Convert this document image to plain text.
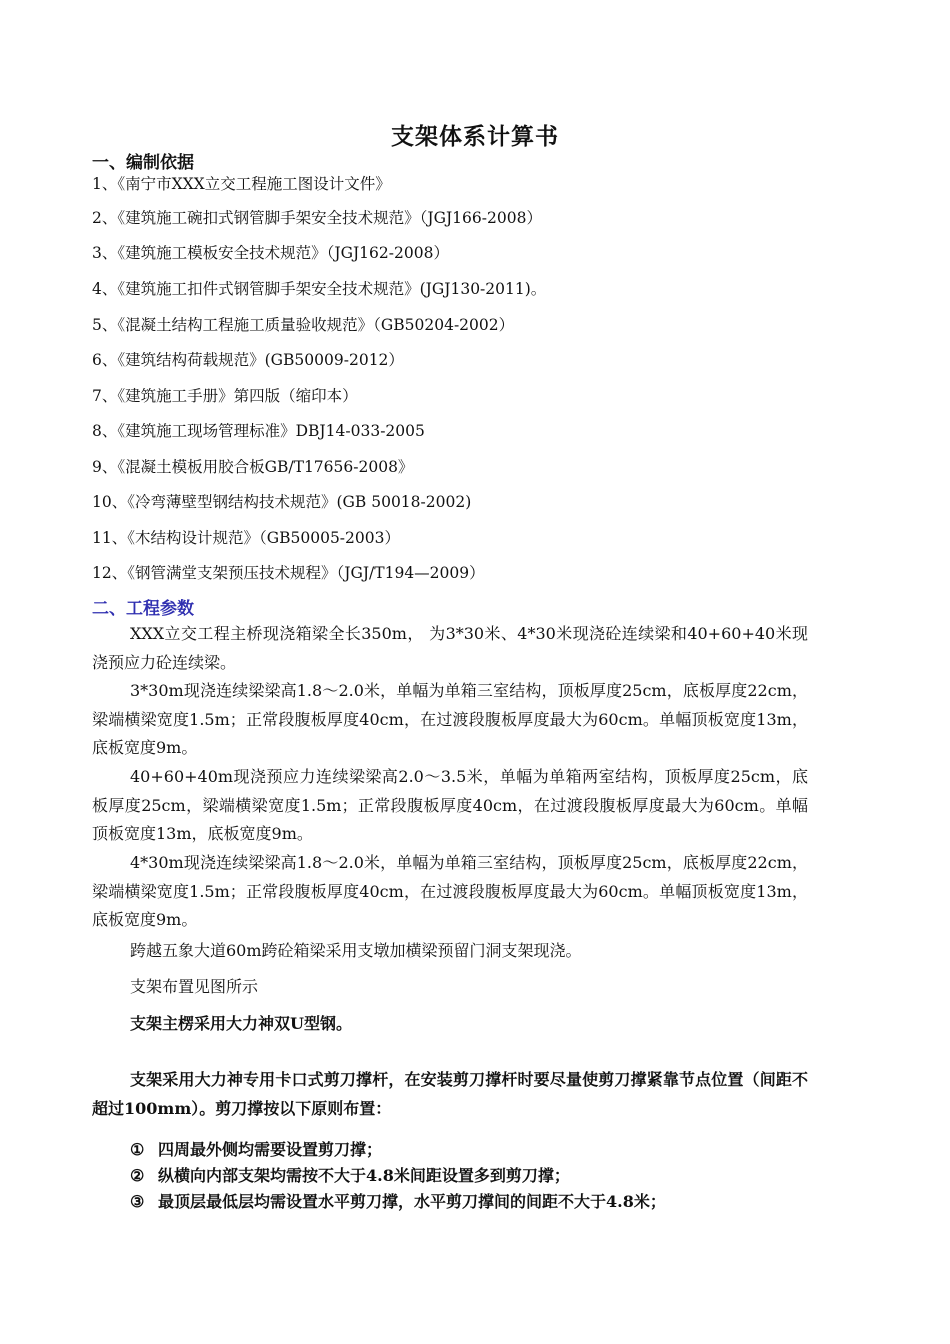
支架体系计算书
一、编制依据
1、《南宁市XXX立交工程施工图设计文件》
2、《建筑施工碗扣式钢管脚手架安全技术规范》（JGJ166-2008）
3、《建筑施工模板安全技术规范》（JGJ162-2008）
4、《建筑施工扣件式钢管脚手架安全技术规范》(JGJ130-2011)。
5、《混凝土结构工程施工质量验收规范》（GB50204-2002）
6、《建筑结构荷载规范》(GB50009-2012）
7、《建筑施工手册》第四版（缩印本）
8、《建筑施工现场管理标准》DBJ14-033-2005
9、《混凝土模板用胶合板GB/T17656-2008》
10、《冷弯薄壁型钢结构技术规范》(GB 50018-2002)
11、《木结构设计规范》（GB50005-2003）
12、《钢管满堂支架预压技术规程》（JGJ/T194—2009）
二、工程参数
XXX立交工程主桥现浇箱梁全长350m， 为3*30米、4*30米现浇砼连续梁和40+60+40米现浇预应力砼连续梁。
3*30m现浇连续梁梁高1.8～2.0米，单幅为单箱三室结构，顶板厚度25cm，底板厚度22cm，梁端横梁宽度1.5m；正常段腹板厚度40cm，在过渡段腹板厚度最大为60cm。单幅顶板宽度13m，底板宽度9m。
40+60+40m现浇预应力连续梁梁高2.0～3.5米，单幅为单箱两室结构，顶板厚度25cm，底板厚度25cm，梁端横梁宽度1.5m；正常段腹板厚度40cm，在过渡段腹板厚度最大为60cm。单幅顶板宽度13m，底板宽度9m。
4*30m现浇连续梁梁高1.8～2.0米，单幅为单箱三室结构，顶板厚度25cm，底板厚度22cm，梁端横梁宽度1.5m；正常段腹板厚度40cm，在过渡段腹板厚度最大为60cm。单幅顶板宽度13m，底板宽度9m。
跨越五象大道60m跨砼箱梁采用支墩加横梁预留门洞支架现浇。
支架布置见图所示
支架主楞采用大力神双U型钢。
支架采用大力神专用卡口式剪刀撑杆，在安装剪刀撑杆时要尽量使剪刀撑紧靠节点位置（间距不超过100mm）。剪刀撑按以下原则布置：
① 四周最外侧均需要设置剪刀撑；
② 纵横向内部支架均需按不大于4.8米间距设置多到剪刀撑；
③ 最顶层最低层均需设置水平剪刀撑，水平剪刀撑间的间距不大于4.8米；
